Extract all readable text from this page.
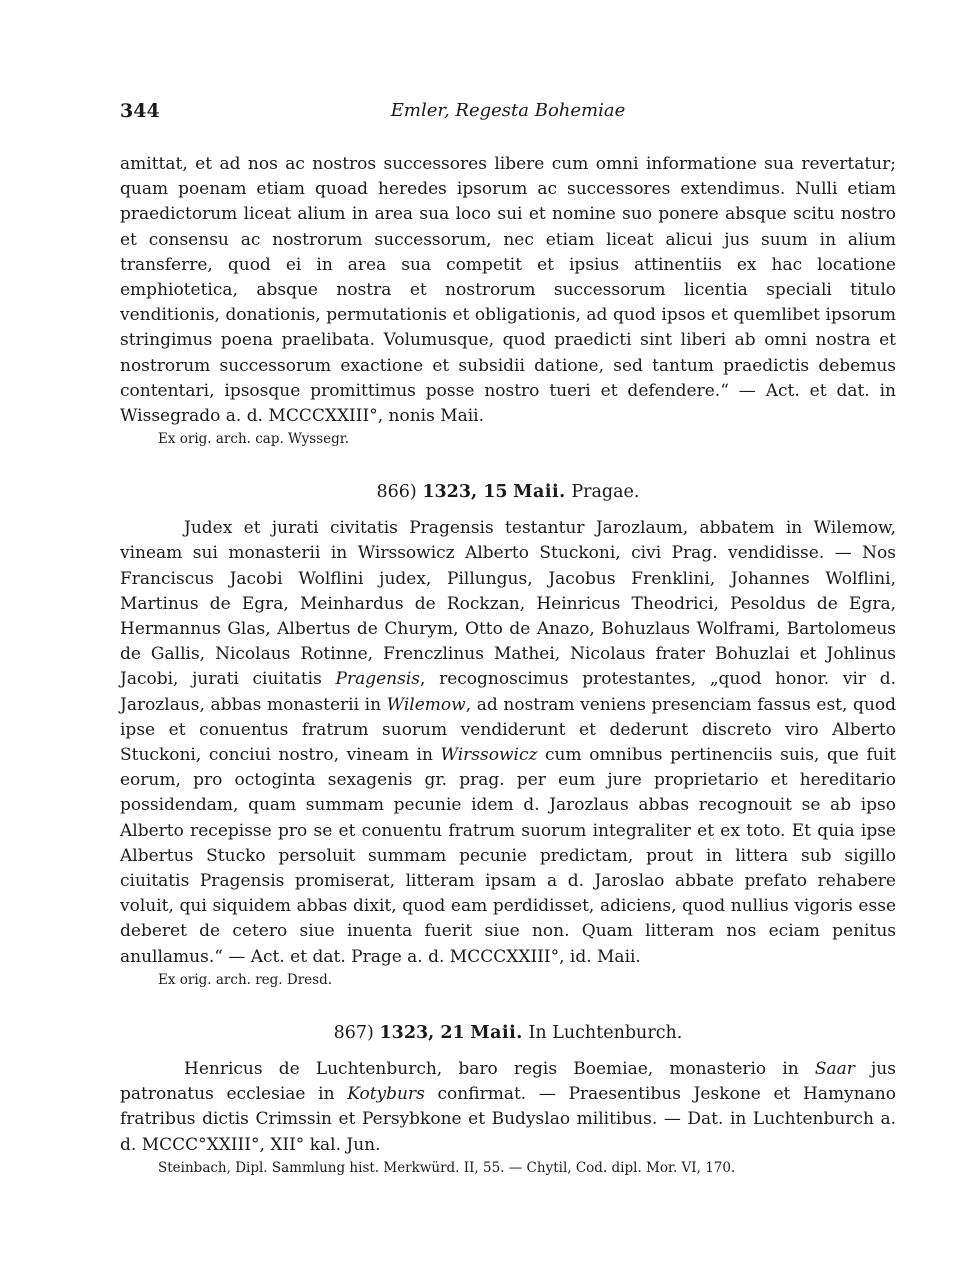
344	Emler, Regesta Bohemiae

amittat, et ad nos ac nostros successores libere cum omni informatione sua revertatur; quam poenam etiam quoad heredes ipsorum ac successores extendimus. Nulli etiam praedictorum liceat alium in area sua loco sui et nomine suo ponere absque scitu nostro et consensu ac nostrorum successorum, nec etiam liceat alicui jus suum in alium transferre, quod ei in area sua competit et ipsius attinentiis ex hac locatione emphiotetica, absque nostra et nostrorum successorum licentia speciali titulo venditionis, donationis, permutationis et obligationis, ad quod ipsos et quemlibet ipsorum stringimus poena praelibata. Volumusque, quod praedicti sint liberi ab omni nostra et nostrorum successorum exactione et subsidii datione, sed tantum praedictis debemus contentari, ipsosque promittimus posse nostro tueri et defendere.“ — Act. et dat. in Wissegrado a. d. MCCCXXIII°, nonis Maii.

Ex orig. arch. cap. Wyssegr.

866) 1323, 15 Maii. Pragae.

Judex et jurati civitatis Pragensis testantur Jarozlaum, abbatem in Wilemow, vineam sui monasterii in Wirssowicz Alberto Stuckoni, civi Prag. vendidisse. — Nos Franciscus Jacobi Wolflini judex, Pillungus, Jacobus Frenklini, Johannes Wolflini, Martinus de Egra, Meinhardus de Rockzan, Heinricus Theodrici, Pesoldus de Egra, Hermannus Glas, Albertus de Churym, Otto de Anazo, Bohuzlaus Wolframi, Bartolomeus de Gallis, Nicolaus Rotinne, Frenczlinus Mathei, Nicolaus frater Bohuzlai et Johlinus Jacobi, jurati ciuitatis Pragensis, recognoscimus protestantes, „quod honor. vir d. Jarozlaus, abbas monasterii in Wilemow, ad nostram veniens presenciam fassus est, quod ipse et conuentus fratrum suorum vendiderunt et dederunt discreto viro Alberto Stuckoni, conciui nostro, vineam in Wirssowicz cum omnibus pertinenciis suis, que fuit eorum, pro octoginta sexagenis gr. prag. per eum jure proprietario et hereditario possidendam, quam summam pecunie idem d. Jarozlaus abbas recognouit se ab ipso Alberto recepisse pro se et conuentu fratrum suorum integraliter et ex toto. Et quia ipse Albertus Stucko persoluit summam pecunie predictam, prout in littera sub sigillo ciuitatis Pragensis promiserat, litteram ipsam a d. Jaroslao abbate prefato rehabere voluit, qui siquidem abbas dixit, quod eam perdidisset, adiciens, quod nullius vigoris esse deberet de cetero siue inuenta fuerit siue non. Quam litteram nos eciam penitus anullamus.“ — Act. et dat. Prage a. d. MCCCXXIII°, id. Maii.

Ex orig. arch. reg. Dresd.

867) 1323, 21 Maii. In Luchtenburch.

Henricus de Luchtenburch, baro regis Boemiae, monasterio in Saar jus patronatus ecclesiae in Kotyburs confirmat. — Praesentibus Jeskone et Hamynano fratribus dictis Crimssin et Persybkone et Budyslao militibus. — Dat. in Luchtenburch a. d. MCCC°XXIII°, XII° kal. Jun.

Steinbach, Dipl. Sammlung hist. Merkwürd. II, 55. — Chytil, Cod. dipl. Mor. VI, 170.
